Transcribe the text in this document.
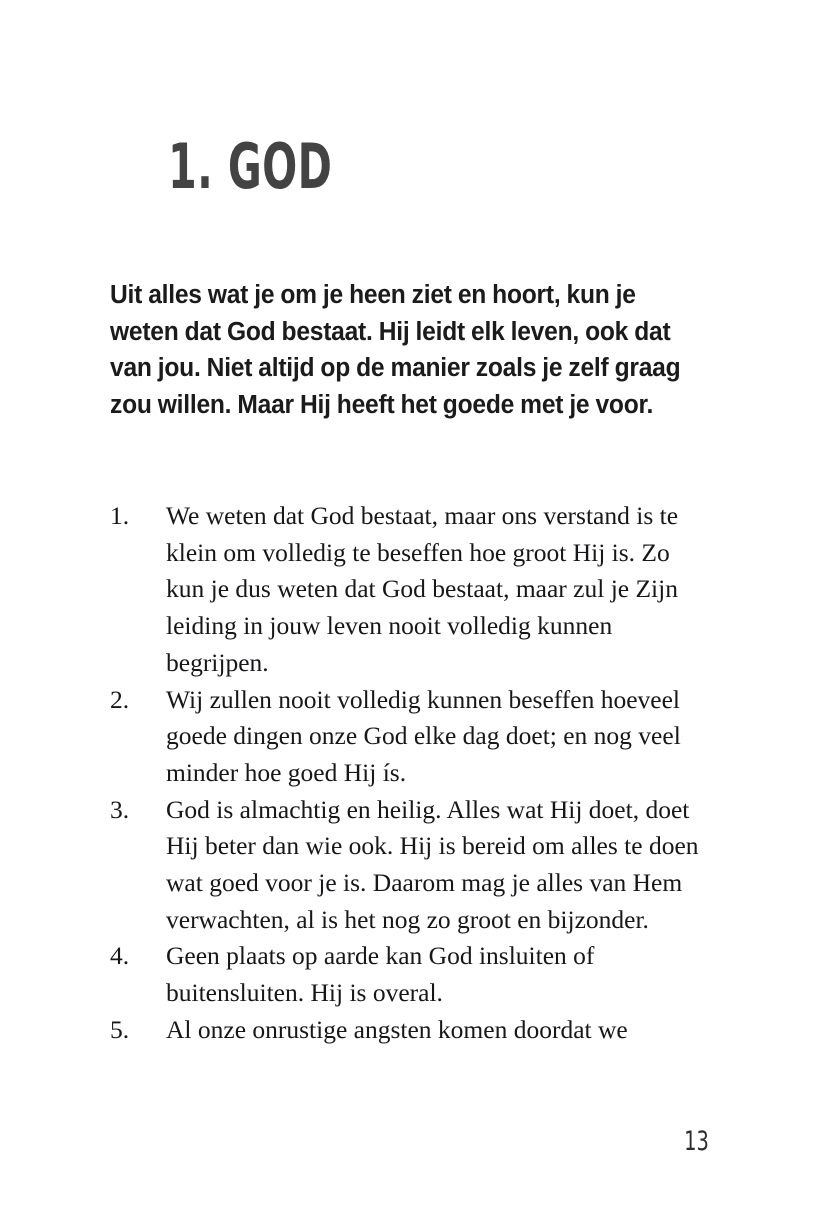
1. GOD

Uit alles wat je om je heen ziet en hoort, kun je weten dat God bestaat. Hij leidt elk leven, ook dat van jou. Niet altijd op de manier zoals je zelf graag zou willen. Maar Hij heeft het goede met je voor.

1.	We weten dat God bestaat, maar ons verstand is te klein om volledig te beseffen hoe groot Hij is. Zo kun je dus weten dat God bestaat, maar zul je Zijn leiding in jouw leven nooit volledig kunnen begrijpen.
2.	Wij zullen nooit volledig kunnen beseffen hoeveel goede dingen onze God elke dag doet; en nog veel minder hoe goed Hij ís.
3.	God is almachtig en heilig. Alles wat Hij doet, doet Hij beter dan wie ook. Hij is bereid om alles te doen wat goed voor je is. Daarom mag je alles van Hem verwachten, al is het nog zo groot en bijzonder.
4.	Geen plaats op aarde kan God insluiten of buitensluiten. Hij is overal.
5.	Al onze onrustige angsten komen doordat we
13
